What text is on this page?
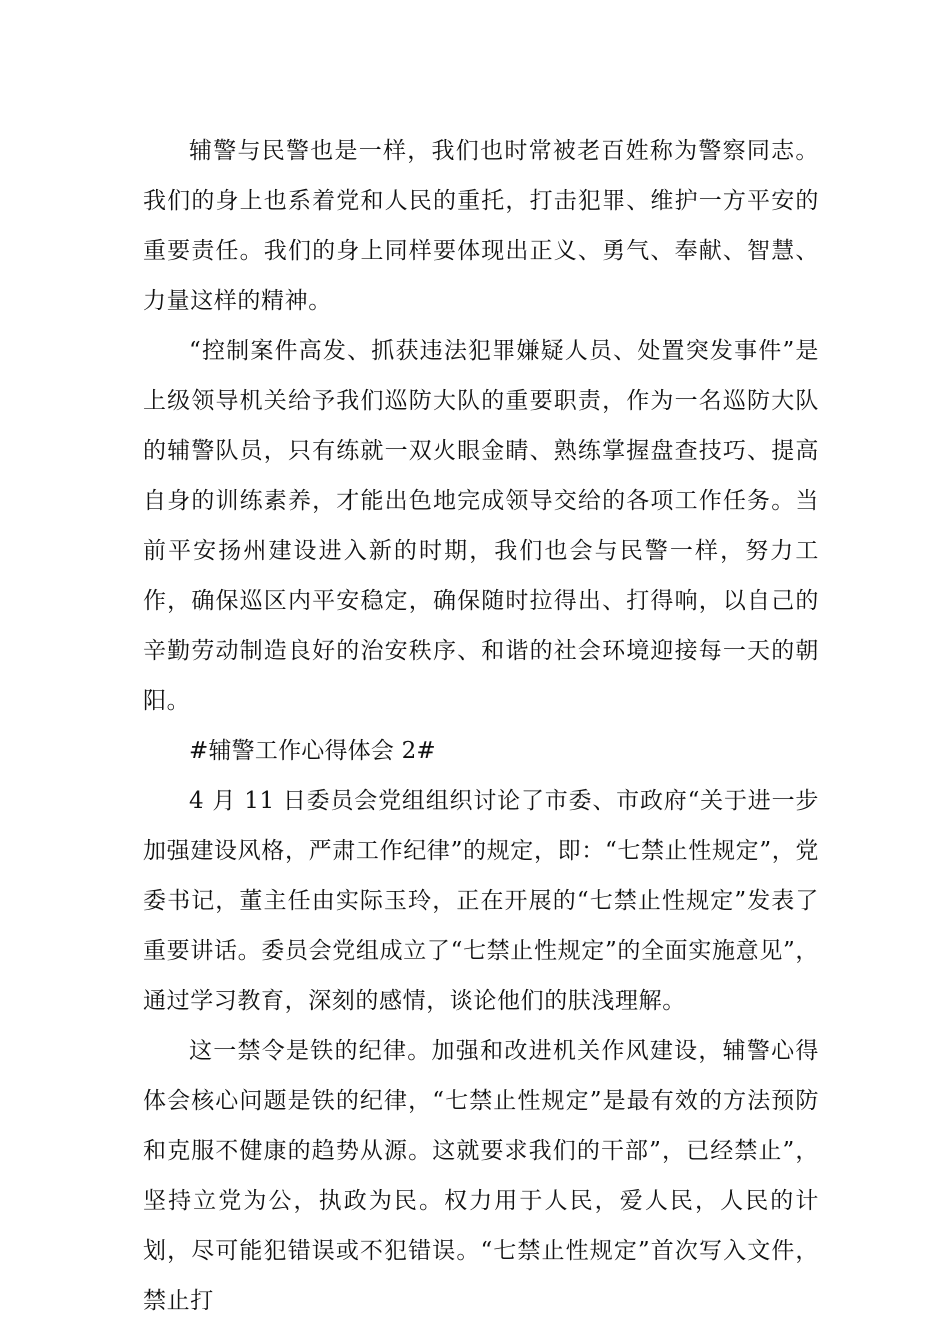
辅警与民警也是一样，我们也时常被老百姓称为警察同志。我们的身上也系着党和人民的重托，打击犯罪、维护一方平安的重要责任。我们的身上同样要体现出正义、勇气、奉献、智慧、力量这样的精神。

“控制案件高发、抓获违法犯罪嫌疑人员、处置突发事件”是上级领导机关给予我们巡防大队的重要职责，作为一名巡防大队的辅警队员，只有练就一双火眼金睛、熟练掌握盘查技巧、提高自身的训练素养，才能出色地完成领导交给的各项工作任务。当前平安扬州建设进入新的时期，我们也会与民警一样，努力工作，确保巡区内平安稳定，确保随时拉得出、打得响，以自己的辛勤劳动制造良好的治安秩序、和谐的社会环境迎接每一天的朝阳。

#辅警工作心得体会 2#

4 月 11 日委员会党组组织讨论了市委、市政府“关于进一步加强建设风格，严肃工作纪律”的规定，即：“七禁止性规定”，党委书记，董主任由实际玉玲，正在开展的“七禁止性规定”发表了重要讲话。委员会党组成立了“七禁止性规定”的全面实施意见”，通过学习教育，深刻的感情，谈论他们的肤浅理解。

这一禁令是铁的纪律。加强和改进机关作风建设，辅警心得体会核心问题是铁的纪律，“七禁止性规定”是最有效的方法预防和克服不健康的趋势从源。这就要求我们的干部”，已经禁止”，坚持立党为公，执政为民。权力用于人民，爱人民，人民的计划，尽可能犯错误或不犯错误。“七禁止性规定”首次写入文件，禁止打
